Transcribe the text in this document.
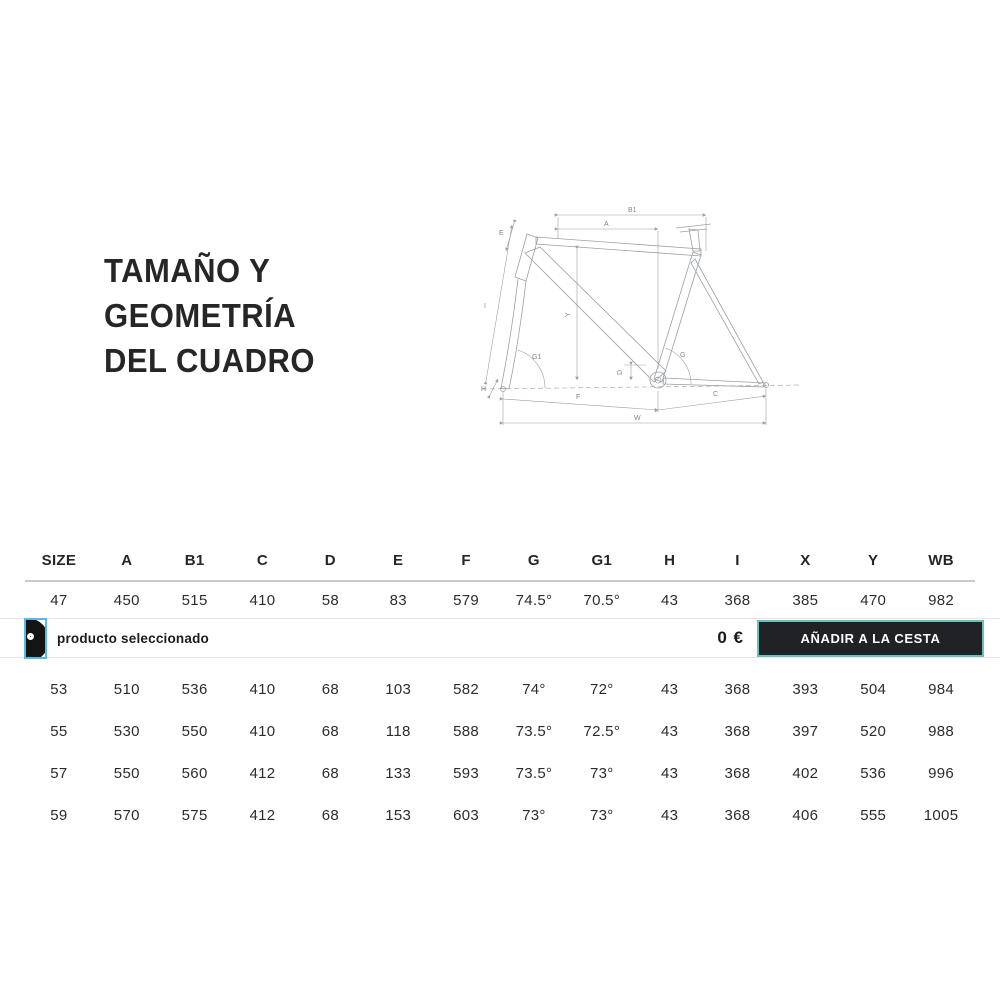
TAMAÑO Y
GEOMETRÍA
DEL CUADRO
B1
A
Y
E
I
G1	G
D
H
F	C
W
SIZE	A	B1	C	D	E	F	G	G1	H	I	X	Y	WB
47	450	515	410	58	83	579	74.5°	70.5°	43	368	385	470	982
producto seleccionado	0 €	AÑADIR A LA CESTA
53	510	536	410	68	103	582	74°	72°	43	368	393	504	984
55	530	550	410	68	118	588	73.5°	72.5°	43	368	397	520	988
57	550	560	412	68	133	593	73.5°	73°	43	368	402	536	996
59	570	575	412	68	153	603	73°	73°	43	368	406	555	1005
